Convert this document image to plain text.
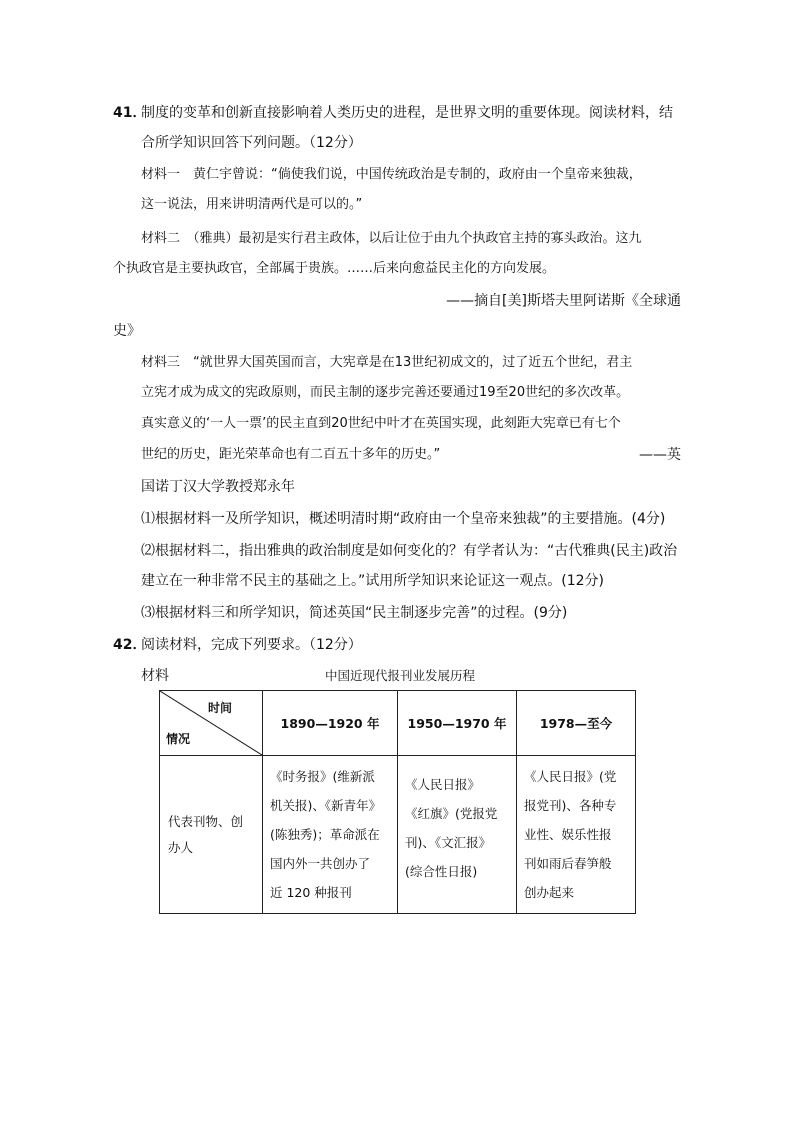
41．
制度的变革和创新直接影响着人类历史的进程，是世界文明的重要体现。阅读材料，结
合所学知识回答下列问题。（12分）
材料一　黄仁宇曾说：“倘使我们说，中国传统政治是专制的，政府由一个皇帝来独裁，
这一说法，用来讲明清两代是可以的。”
材料二　（雅典）最初是实行君主政体，以后让位于由九个执政官主持的寡头政治。这九
个执政官是主要执政官，全部属于贵族。……后来向愈益民主化的方向发展。
——摘自[美]斯塔夫里阿诺斯《全球通
史》
材料三　“就世界大国英国而言，大宪章是在13世纪初成文的，过了近五个世纪，君主
立宪才成为成文的宪政原则，而民主制的逐步完善还要通过19至20世纪的多次改革。
真实意义的‘一人一票’的民主直到20世纪中叶才在英国实现，此刻距大宪章已有七个
世纪的历史，距光荣革命也有二百五十多年的历史。”	——英
国诺丁汉大学教授郑永年
⑴根据材料一及所学知识，概述明清时期“政府由一个皇帝来独裁”的主要措施。(4分)
⑵根据材料二，指出雅典的政治制度是如何变化的？有学者认为：“古代雅典(民主)政治
建立在一种非常不民主的基础之上。”试用所学知识来论证这一观点。(12分)
⑶根据材料三和所学知识，简述英国“民主制逐步完善”的过程。(9分)
42．
阅读材料，完成下列要求。（12分）
材料	中国近现代报刊业发展历程
时间
情况	1890—1920 年	1950—1970 年	1978—至今
代表刊物、创
办人	《时务报》(维新派
机关报)、《新青年》
(陈独秀)；革命派在
国内外一共创办了
近 120 种报刊	《人民日报》
《红旗》(党报党
刊)、《文汇报》
(综合性日报)	《人民日报》(党
报党刊)、各种专
业性、娱乐性报
刊如雨后春笋般
创办起来
